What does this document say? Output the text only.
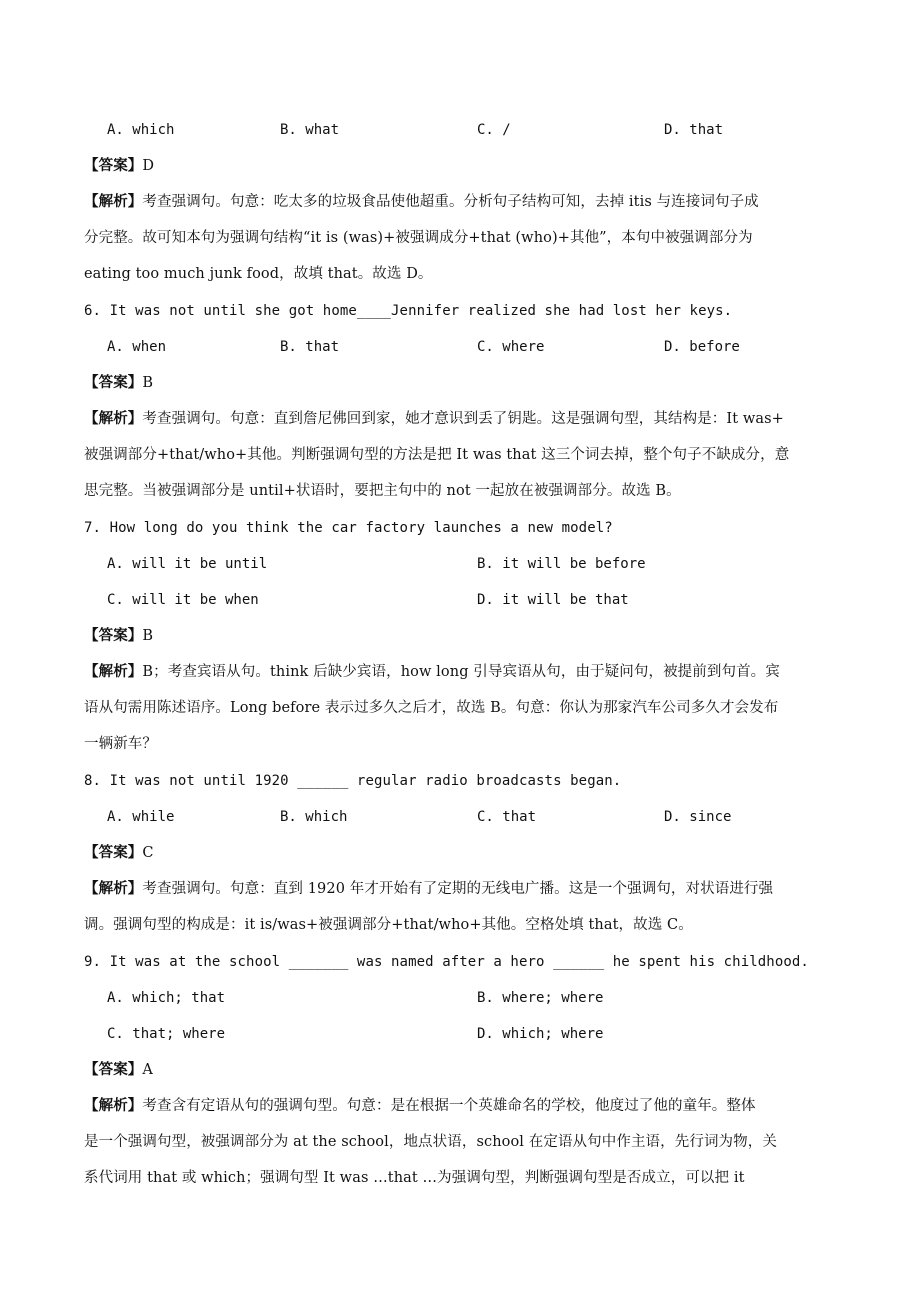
A. which	B. what	C. /	D. that
【答案】D
【解析】考查强调句。句意：吃太多的垃圾食品使他超重。分析句子结构可知，去掉 itis 与连接词句子成
分完整。故可知本句为强调句结构“it is (was)+被强调成分+that (who)+其他”，本句中被强调部分为
eating too much junk food，故填 that。故选 D。
6. It was not until she got home____Jennifer realized she had lost her keys.
A. when	B. that	C. where	D. before
【答案】B
【解析】考查强调句。句意：直到詹尼佛回到家，她才意识到丢了钥匙。这是强调句型，其结构是：It was+
被强调部分+that/who+其他。判断强调句型的方法是把 It was that 这三个词去掉，整个句子不缺成分，意
思完整。当被强调部分是 until+状语时，要把主句中的 not 一起放在被强调部分。故选 B。
7. How long do you think the car factory launches a new model?
A. will it be until	B. it will be before
C. will it be when	D. it will be that
【答案】B
【解析】B；考查宾语从句。think 后缺少宾语，how long 引导宾语从句，由于疑问句，被提前到句首。宾
语从句需用陈述语序。Long before 表示过多久之后才，故选 B。句意：你认为那家汽车公司多久才会发布
一辆新车？
8. It was not until 1920 ______ regular radio broadcasts began.
A. while	B. which	C. that	D. since
【答案】C
【解析】考查强调句。句意：直到 1920 年才开始有了定期的无线电广播。这是一个强调句，对状语进行强
调。强调句型的构成是：it is/was+被强调部分+that/who+其他。空格处填 that，故选 C。
9. It was at the school _______ was named after a hero ______ he spent his childhood.
A. which; that	B. where; where
C. that; where	D. which; where
【答案】A
【解析】考查含有定语从句的强调句型。句意：是在根据一个英雄命名的学校，他度过了他的童年。整体
是一个强调句型，被强调部分为 at the school，地点状语，school 在定语从句中作主语，先行词为物，关
系代词用 that 或 which；强调句型 It was …that …为强调句型，判断强调句型是否成立，可以把 it
